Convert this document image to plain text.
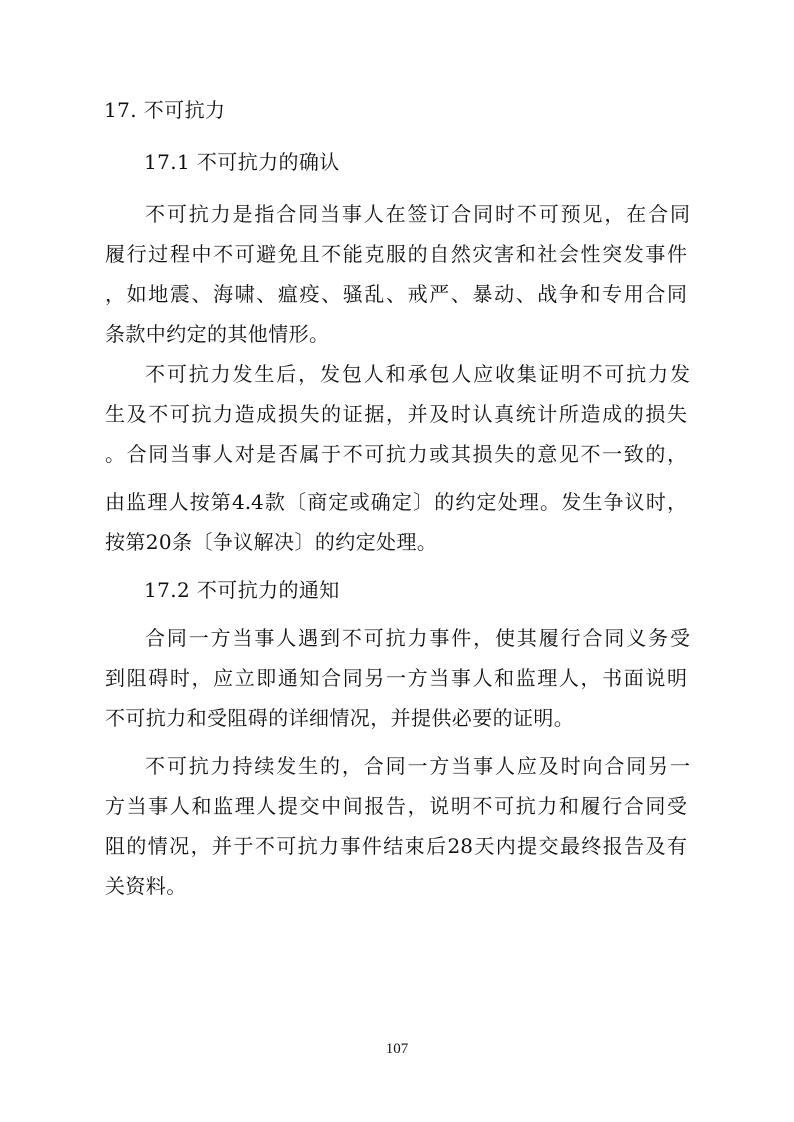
17. 不可抗力
17.1 不可抗力的确认
不可抗力是指合同当事人在签订合同时不可预见，在合同
履行过程中不可避免且不能克服的自然灾害和社会性突发事件
，如地震、海啸、瘟疫、骚乱、戒严、暴动、战争和专用合同
条款中约定的其他情形。
不可抗力发生后，发包人和承包人应收集证明不可抗力发
生及不可抗力造成损失的证据，并及时认真统计所造成的损失
。合同当事人对是否属于不可抗力或其损失的意见不一致的，
由监理人按第4.4款〔商定或确定〕的约定处理。发生争议时，
按第20条〔争议解决〕的约定处理。
17.2 不可抗力的通知
合同一方当事人遇到不可抗力事件，使其履行合同义务受
到阻碍时，应立即通知合同另一方当事人和监理人，书面说明
不可抗力和受阻碍的详细情况，并提供必要的证明。
不可抗力持续发生的，合同一方当事人应及时向合同另一
方当事人和监理人提交中间报告，说明不可抗力和履行合同受
阻的情况，并于不可抗力事件结束后28天内提交最终报告及有
关资料。
107
